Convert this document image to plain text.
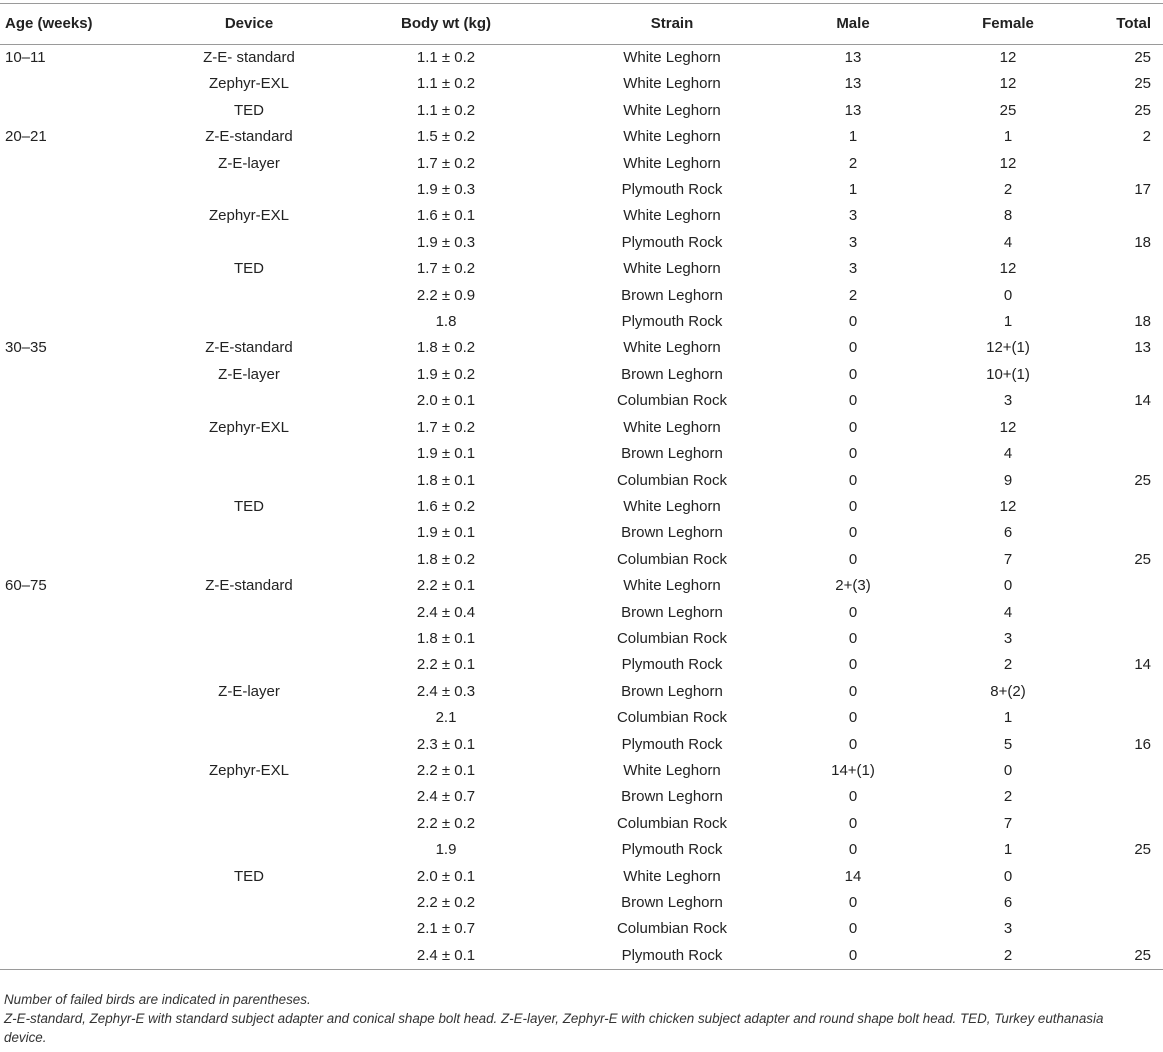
Age (weeks)	Device	Body wt (kg)	Strain	Male	Female	Total
10–11	Z-E- standard	1.1 ± 0.2	White Leghorn	13	12	25
	Zephyr-EXL	1.1 ± 0.2	White Leghorn	13	12	25
	TED	1.1 ± 0.2	White Leghorn	13	25	25
20–21	Z-E-standard	1.5 ± 0.2	White Leghorn	1	1	2
	Z-E-layer	1.7 ± 0.2	White Leghorn	2	12	
		1.9 ± 0.3	Plymouth Rock	1	2	17
	Zephyr-EXL	1.6 ± 0.1	White Leghorn	3	8	
		1.9 ± 0.3	Plymouth Rock	3	4	18
	TED	1.7 ± 0.2	White Leghorn	3	12	
		2.2 ± 0.9	Brown Leghorn	2	0	
		1.8	Plymouth Rock	0	1	18
30–35	Z-E-standard	1.8 ± 0.2	White Leghorn	0	12+(1)	13
	Z-E-layer	1.9 ± 0.2	Brown Leghorn	0	10+(1)	
		2.0 ± 0.1	Columbian Rock	0	3	14
	Zephyr-EXL	1.7 ± 0.2	White Leghorn	0	12	
		1.9 ± 0.1	Brown Leghorn	0	4	
		1.8 ± 0.1	Columbian Rock	0	9	25
	TED	1.6 ± 0.2	White Leghorn	0	12	
		1.9 ± 0.1	Brown Leghorn	0	6	
		1.8 ± 0.2	Columbian Rock	0	7	25
60–75	Z-E-standard	2.2 ± 0.1	White Leghorn	2+(3)	0	
		2.4 ± 0.4	Brown Leghorn	0	4	
		1.8 ± 0.1	Columbian Rock	0	3	
		2.2 ± 0.1	Plymouth Rock	0	2	14
	Z-E-layer	2.4 ± 0.3	Brown Leghorn	0	8+(2)	
		2.1	Columbian Rock	0	1	
		2.3 ± 0.1	Plymouth Rock	0	5	16
	Zephyr-EXL	2.2 ± 0.1	White Leghorn	14+(1)	0	
		2.4 ± 0.7	Brown Leghorn	0	2	
		2.2 ± 0.2	Columbian Rock	0	7	
		1.9	Plymouth Rock	0	1	25
	TED	2.0 ± 0.1	White Leghorn	14	0	
		2.2 ± 0.2	Brown Leghorn	0	6	
		2.1 ± 0.7	Columbian Rock	0	3	
		2.4 ± 0.1	Plymouth Rock	0	2	25

Number of failed birds are indicated in parentheses.

Z-E-standard, Zephyr-E with standard subject adapter and conical shape bolt head. Z-E-layer, Zephyr-E with chicken subject adapter and round shape bolt head. TED, Turkey euthanasia device.
